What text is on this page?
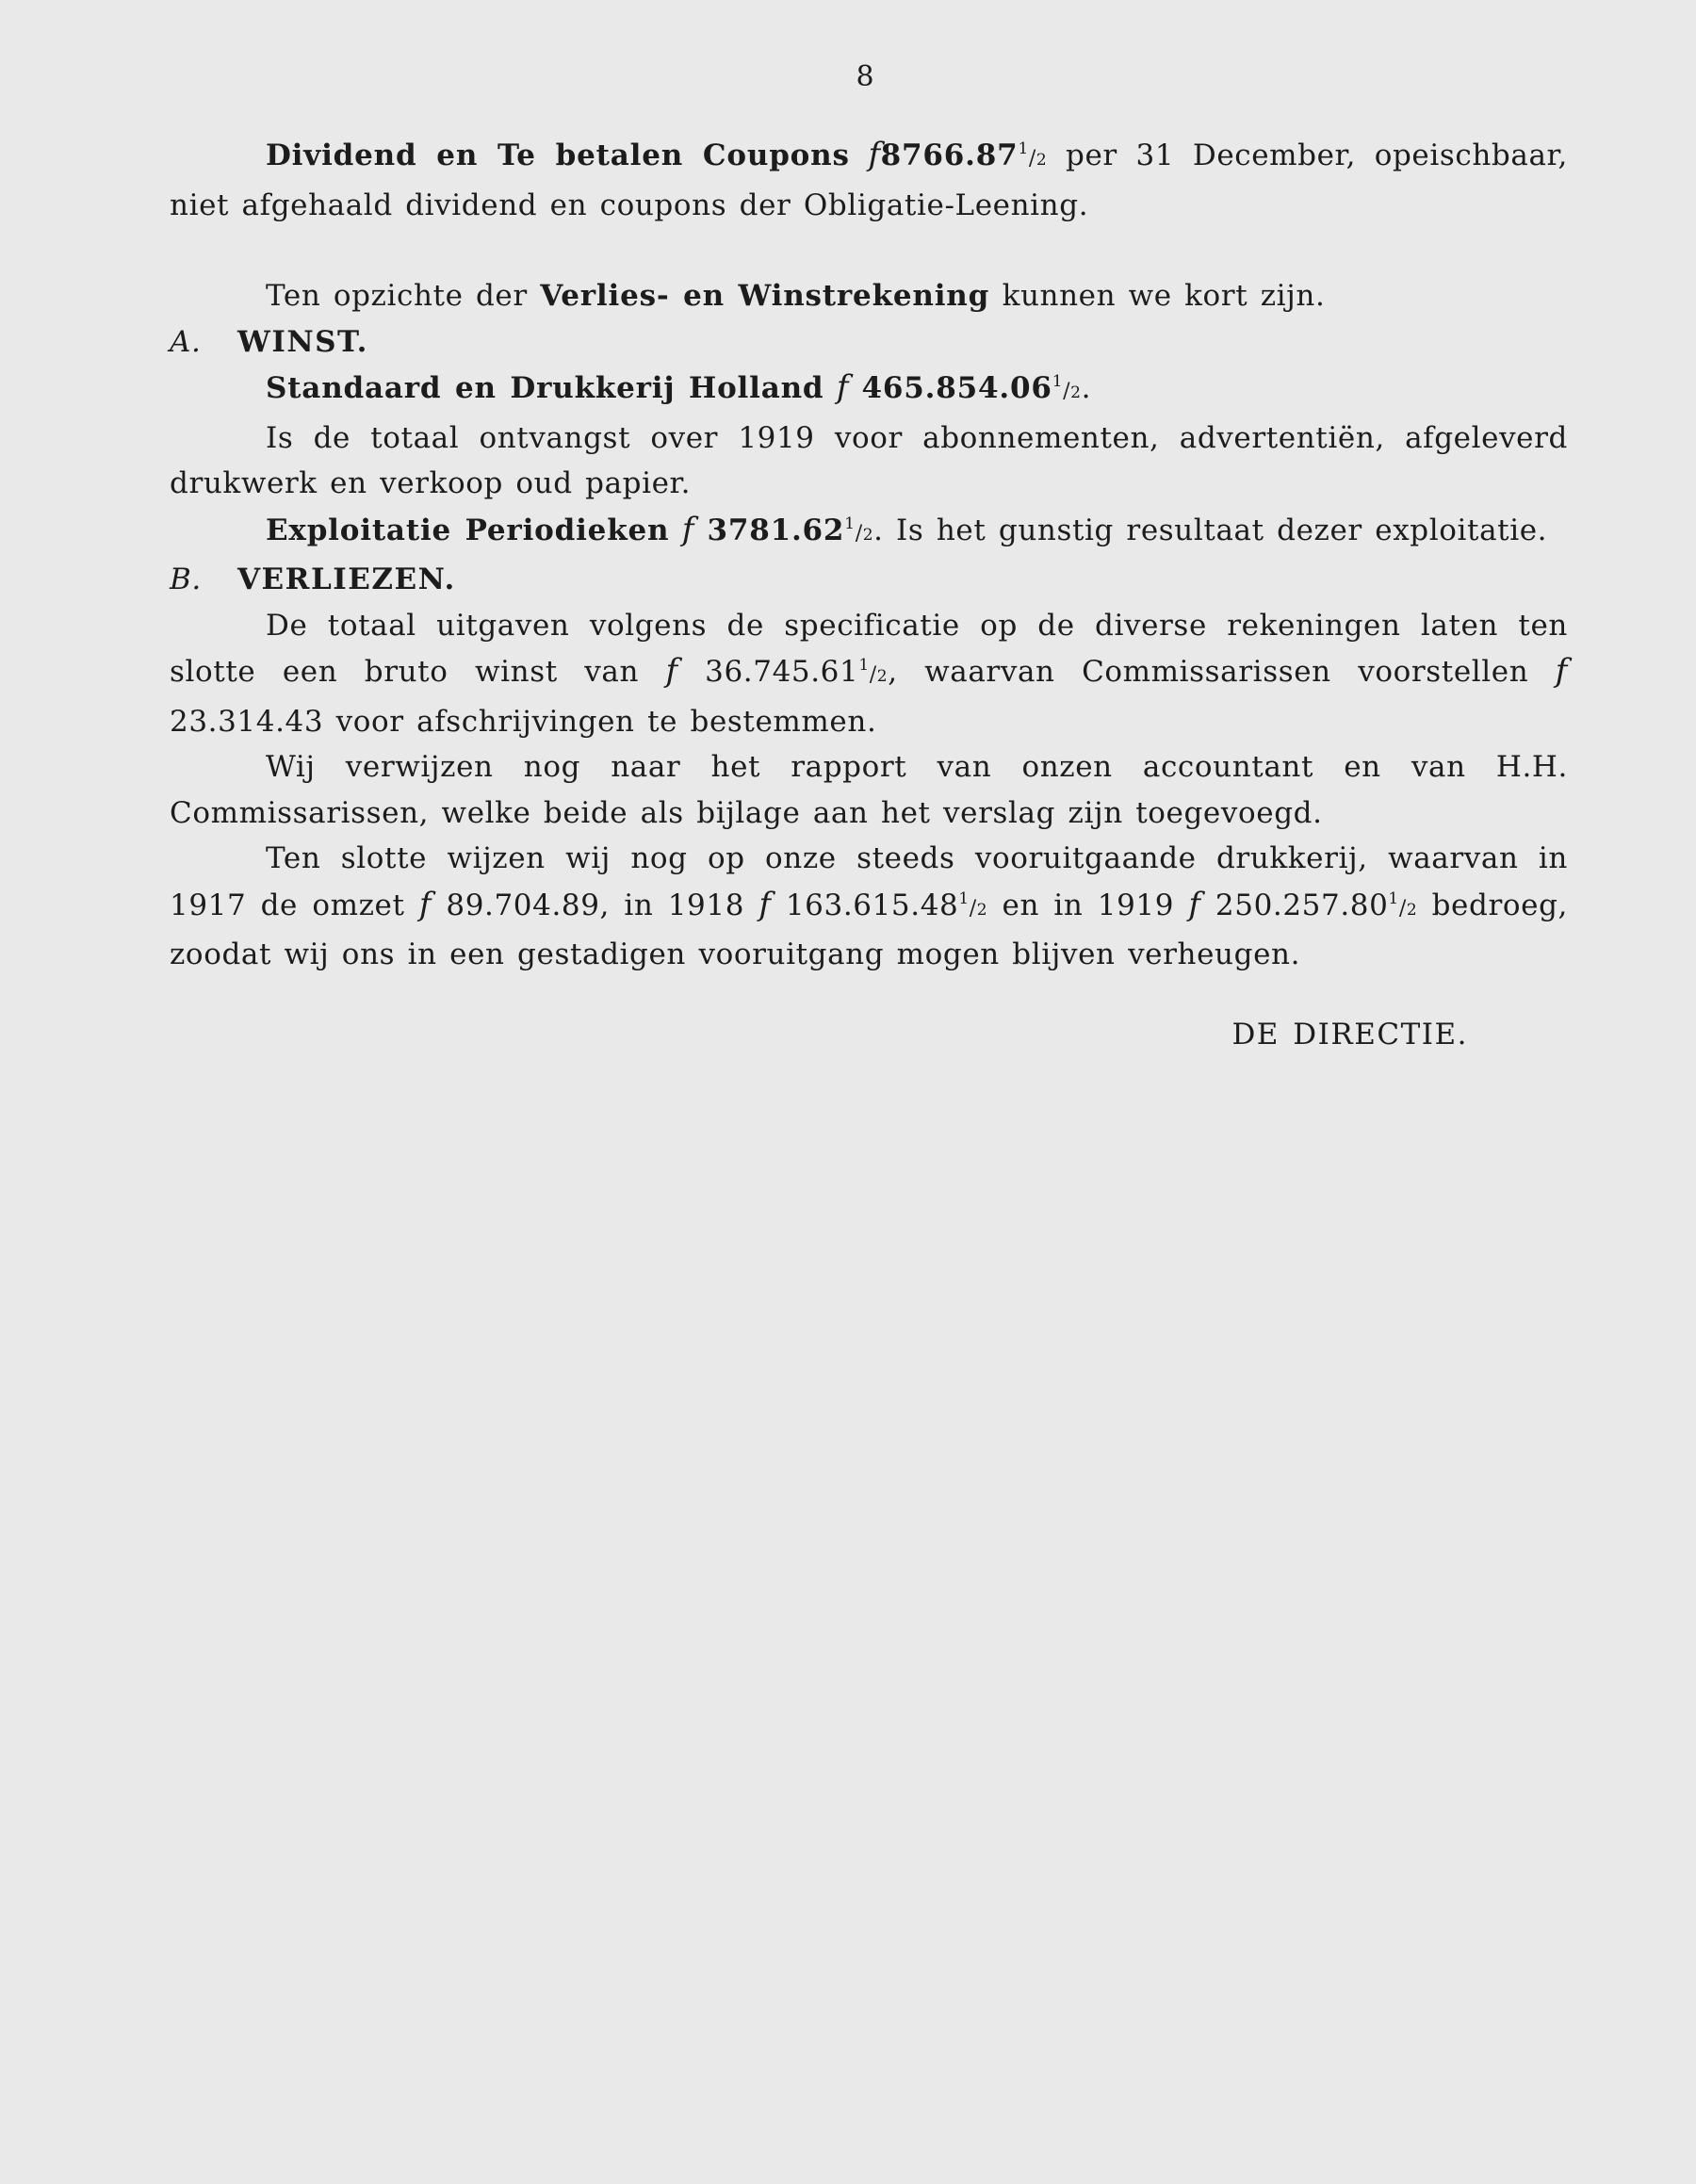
8

Dividend en Te betalen Coupons f8766.87$^1$/2 per 31 December, opeischbaar, niet afgehaald dividend en coupons der Obligatie-Leening.

Ten opzichte der Verlies- en Winstrekening kunnen we kort zijn.

A. WINST.

Standaard en Drukkerij Holland f 465.854.06$^1$/2.

Is de totaal ontvangst over 1919 voor abonnementen, advertentiën, afgeleverd drukwerk en verkoop oud papier.

Exploitatie Periodieken f 3781.62$^1$/2. Is het gunstig resultaat dezer exploitatie.

B. VERLIEZEN.

De totaal uitgaven volgens de specificatie op de diverse rekeningen laten ten slotte een bruto winst van f 36.745.61$^1$/2, waarvan Commissarissen voorstellen f 23.314.43 voor afschrijvingen te bestemmen.

Wij verwijzen nog naar het rapport van onzen accountant en van H.H. Commissarissen, welke beide als bijlage aan het verslag zijn toegevoegd.

Ten slotte wijzen wij nog op onze steeds vooruitgaande drukkerij, waarvan in 1917 de omzet f 89.704.89, in 1918 f 163.615.48$^1$/2 en in 1919 f 250.257.80$^1$/2 bedroeg, zoodat wij ons in een gestadigen vooruitgang mogen blijven verheugen.

DE DIRECTIE.
